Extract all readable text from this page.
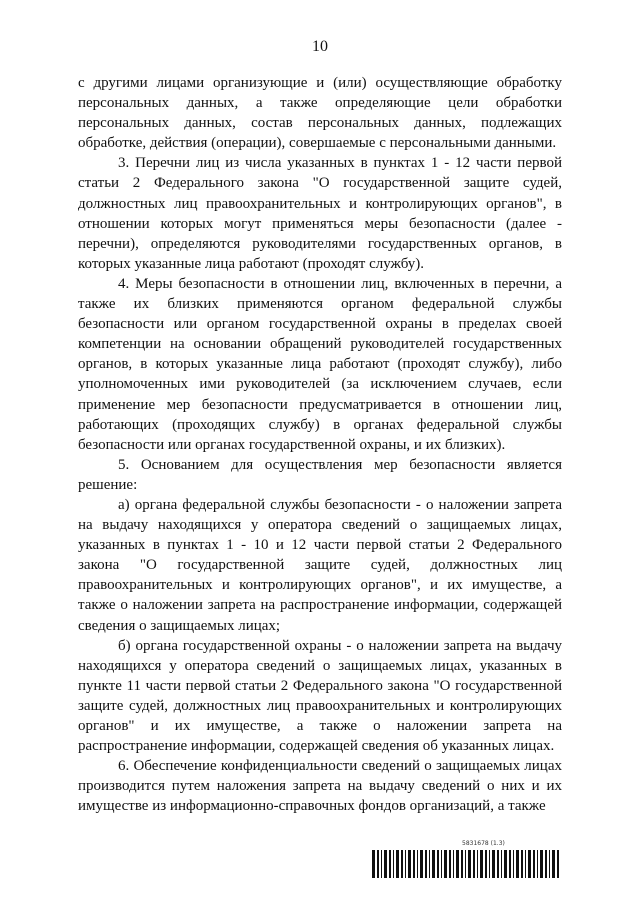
10

с другими лицами организующие и (или) осуществляющие обработку персональных данных, а также определяющие цели обработки персональных данных, состав персональных данных, подлежащих обработке, действия (операции), совершаемые с персональными данными.

3. Перечни лиц из числа указанных в пунктах 1 - 12 части первой статьи 2 Федерального закона "О государственной защите судей, должностных лиц правоохранительных и контролирующих органов", в отношении которых могут применяться меры безопасности (далее - перечни), определяются руководителями государственных органов, в которых указанные лица работают (проходят службу).

4. Меры безопасности в отношении лиц, включенных в перечни, а также их близких применяются органом федеральной службы безопасности или органом государственной охраны в пределах своей компетенции на основании обращений руководителей государственных органов, в которых указанные лица работают (проходят службу), либо уполномоченных ими руководителей (за исключением случаев, если применение мер безопасности предусматривается в отношении лиц, работающих (проходящих службу) в органах федеральной службы безопасности или органах государственной охраны, и их близких).

5. Основанием для осуществления мер безопасности является решение:

а) органа федеральной службы безопасности - о наложении запрета на выдачу находящихся у оператора сведений о защищаемых лицах, указанных в пунктах 1 - 10 и 12 части первой статьи 2 Федерального закона "О государственной защите судей, должностных лиц правоохранительных и контролирующих органов", и их имуществе, а также о наложении запрета на распространение информации, содержащей сведения о защищаемых лицах;

б) органа государственной охраны - о наложении запрета на выдачу находящихся у оператора сведений о защищаемых лицах, указанных в пункте 11 части первой статьи 2 Федерального закона "О государственной защите судей, должностных лиц правоохранительных и контролирующих органов" и их имуществе, а также о наложении запрета на распространение информации, содержащей сведения об указанных лицах.

6. Обеспечение конфиденциальности сведений о защищаемых лицах производится путем наложения запрета на выдачу сведений о них и их имуществе из информационно-справочных фондов организаций, а также

5831678 (1.3)
